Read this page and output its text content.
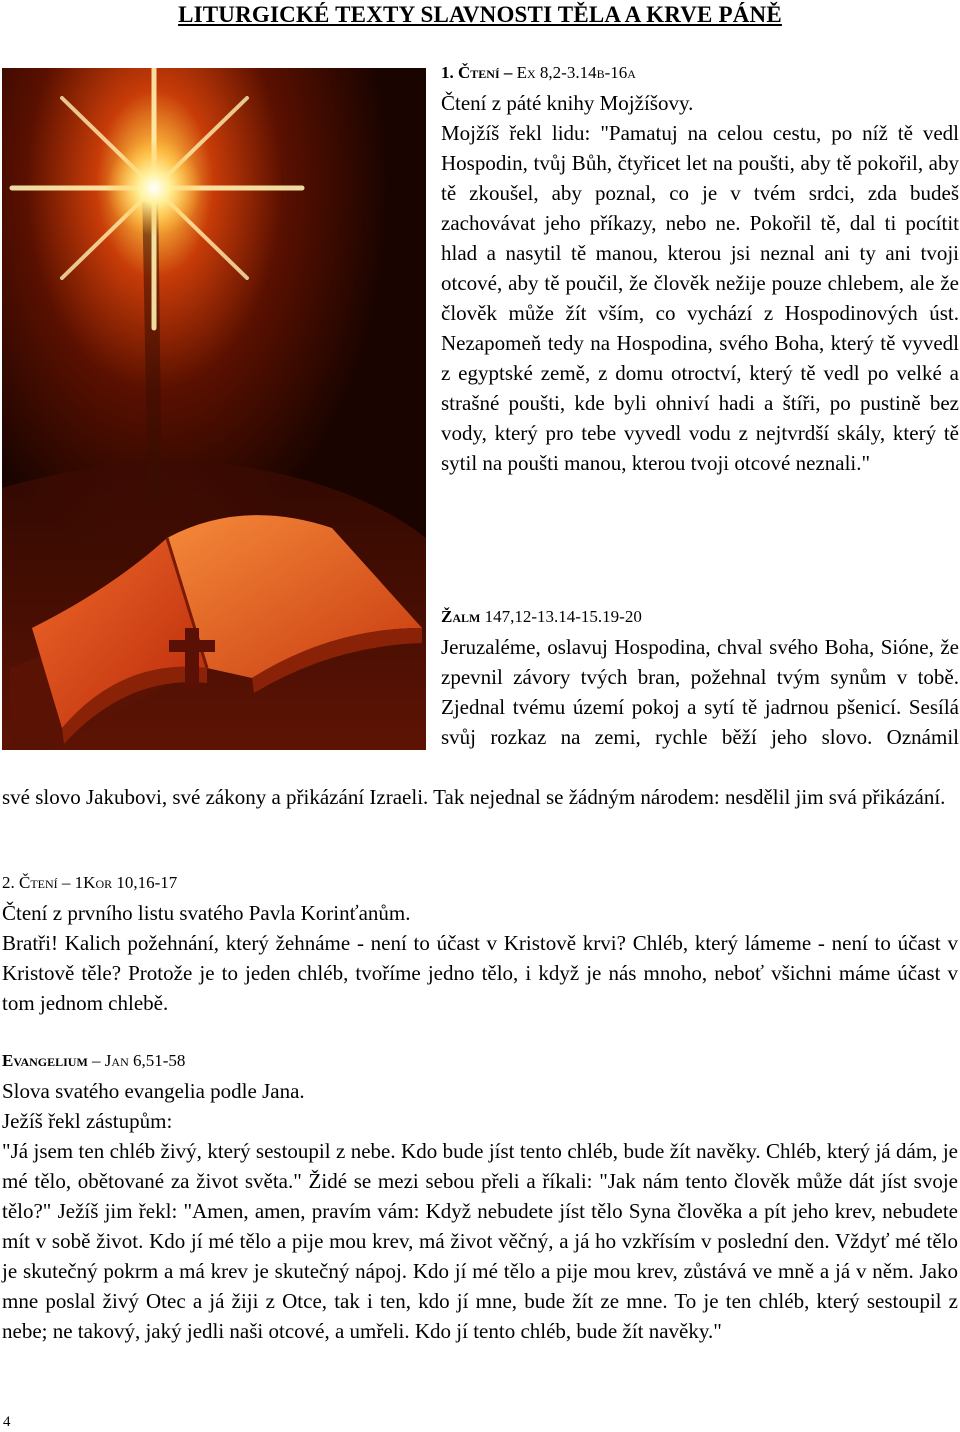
LITURGICKÉ TEXTY SLAVNOSTI TĚLA A KRVE PÁNĚ
1. Čtení – Ex 8,2-3.14b-16a

Čtení z páté knihy Mojžíšovy.

Mojžíš řekl lidu: "Pamatuj na celou cestu, po níž tě vedl Hospodin, tvůj Bůh, čtyřicet let na poušti, aby tě pokořil, aby tě zkoušel, aby poznal, co je v tvém srdci, zda budeš zachovávat jeho příkazy, nebo ne. Pokořil tě, dal ti pocítit hlad a nasytil tě manou, kterou jsi neznal ani ty ani tvoji otcové, aby tě poučil, že člověk nežije pouze chlebem, ale že člověk může žít vším, co vychází z Hospodinových úst. Nezapomeň tedy na Hospodina, svého Boha, který tě vyvedl z egyptské země, z domu otroctví, který tě vedl po velké a strašné poušti, kde byli ohniví hadi a štíři, po pustině bez vody, který pro tebe vyvedl vodu z nejtvrdší skály, který tě sytil na poušti manou, kterou tvoji otcové neznali."

Žalm 147,12-13.14-15.19-20

Jeruzaléme, oslavuj Hospodina, chval svého Boha, Sióne, že zpevnil závory tvých bran, požehnal tvým synům v tobě. Zjednal tvému území pokoj a sytí tě jadrnou pšenicí. Sesílá svůj rozkaz na zemi, rychle běží jeho slovo. Oznámil

své slovo Jakubovi, své zákony a přikázání Izraeli. Tak nejednal se žádným národem: nesdělil jim svá přikázání.

2. Čtení – 1Kor 10,16-17

Čtení z prvního listu svatého Pavla Korinťanům.

Bratři! Kalich požehnání, který žehnáme - není to účast v Kristově krvi? Chléb, který lámeme - není to účast v Kristově těle? Protože je to jeden chléb, tvoříme jedno tělo, i když je nás mnoho, neboť všichni máme účast v tom jednom chlebě.

Evangelium – Jan 6,51-58

Slova svatého evangelia podle Jana.

Ježíš řekl zástupům:

"Já jsem ten chléb živý, který sestoupil z nebe. Kdo bude jíst tento chléb, bude žít navěky. Chléb, který já dám, je mé tělo, obětované za život světa." Židé se mezi sebou přeli a říkali: "Jak nám tento člověk může dát jíst svoje tělo?" Ježíš jim řekl: "Amen, amen, pravím vám: Když nebudete jíst tělo Syna člověka a pít jeho krev, nebudete mít v sobě život. Kdo jí mé tělo a pije mou krev, má život věčný, a já ho vzkřísím v poslední den. Vždyť mé tělo je skutečný pokrm a má krev je skutečný nápoj. Kdo jí mé tělo a pije mou krev, zůstává ve mně a já v něm. Jako mne poslal živý Otec a já žiji z Otce, tak i ten, kdo jí mne, bude žít ze mne. To je ten chléb, který sestoupil z nebe; ne takový, jaký jedli naši otcové, a umřeli. Kdo jí tento chléb, bude žít navěky."

4
